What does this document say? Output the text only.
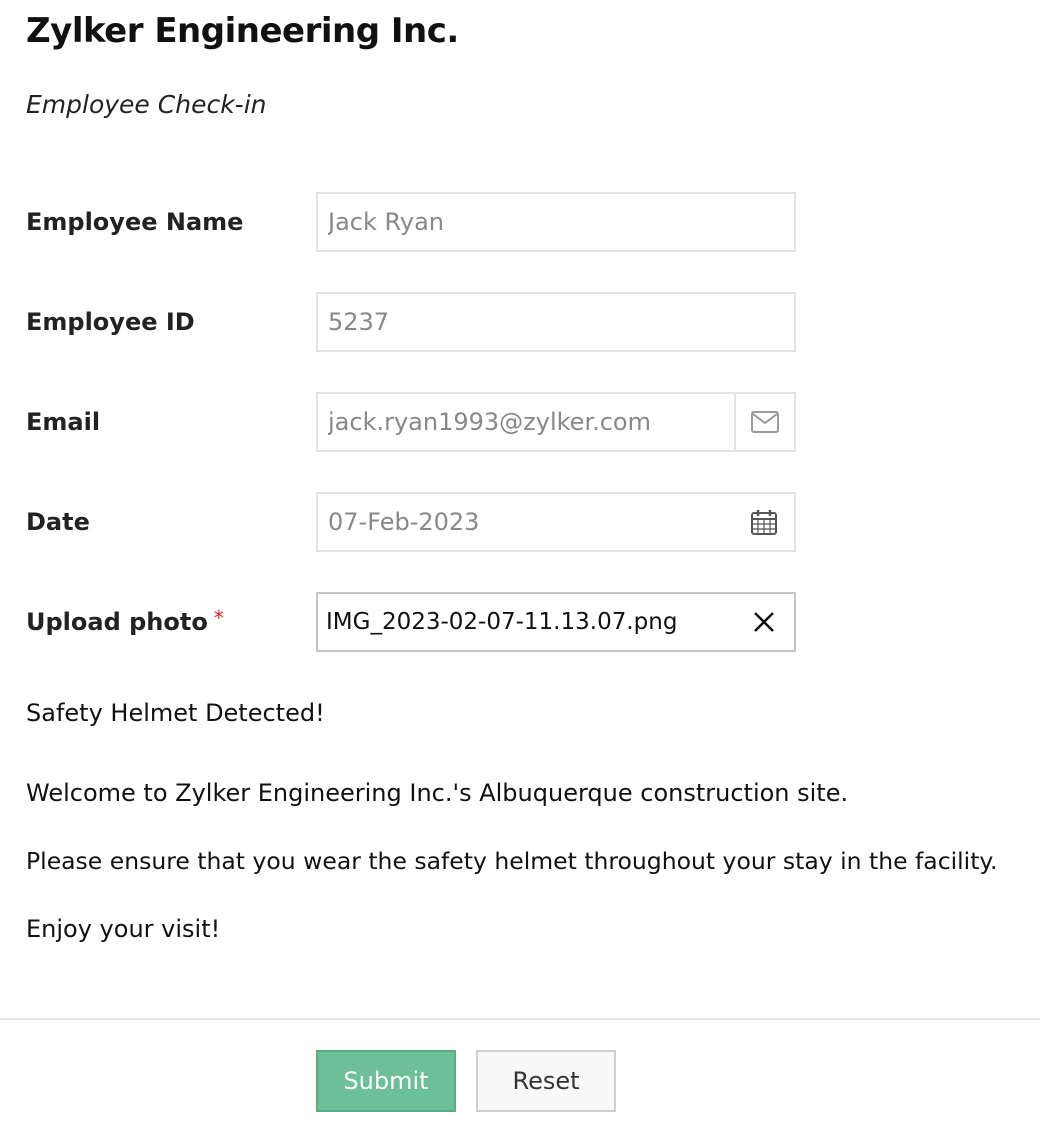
Zylker Engineering Inc.
Employee Check-in
Employee Name
Jack Ryan
Employee ID
5237
Email
jack.ryan1993@zylker.com
Date
07-Feb-2023
Upload photo *	IMG_2023-02-07-11.13.07.png
Safety Helmet Detected!
Welcome to Zylker Engineering Inc.'s Albuquerque construction site.
Please ensure that you wear the safety helmet throughout your stay in the facility.
Enjoy your visit!
Submit	Reset
